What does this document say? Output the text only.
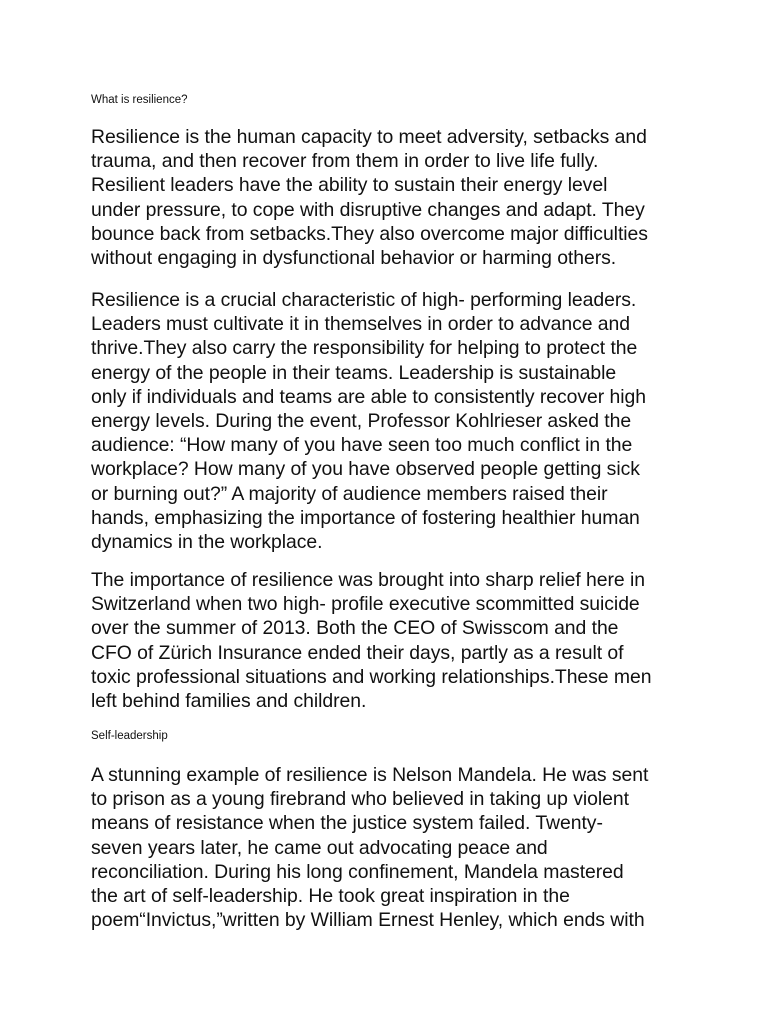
What is resilience?

Resilience is the human capacity to meet adversity, setbacks and
trauma, and then recover from them in order to live life fully.
Resilient leaders have the ability to sustain their energy level
under pressure, to cope with disruptive changes and adapt. They
bounce back from setbacks.They also overcome major difficulties
without engaging in dysfunctional behavior or harming others.

Resilience is a crucial characteristic of high- performing leaders.
Leaders must cultivate it in themselves in order to advance and
thrive.They also carry the responsibility for helping to protect the
energy of the people in their teams. Leadership is sustainable
only if individuals and teams are able to consistently recover high
energy levels. During the event, Professor Kohlrieser asked the
audience: “How many of you have seen too much conflict in the
workplace? How many of you have observed people getting sick
or burning out?” A majority of audience members raised their
hands, emphasizing the importance of fostering healthier human
dynamics in the workplace.

The importance of resilience was brought into sharp relief here in
Switzerland when two high- profile executive scommitted suicide
over the summer of 2013. Both the CEO of Swisscom and the
CFO of Zürich Insurance ended their days, partly as a result of
toxic professional situations and working relationships.These men
left behind families and children.

Self-leadership

A stunning example of resilience is Nelson Mandela. He was sent
to prison as a young firebrand who believed in taking up violent
means of resistance when the justice system failed. Twenty-
seven years later, he came out advocating peace and
reconciliation. During his long confinement, Mandela mastered
the art of self-leadership. He took great inspiration in the
poem“Invictus,”written by William Ernest Henley, which ends with
